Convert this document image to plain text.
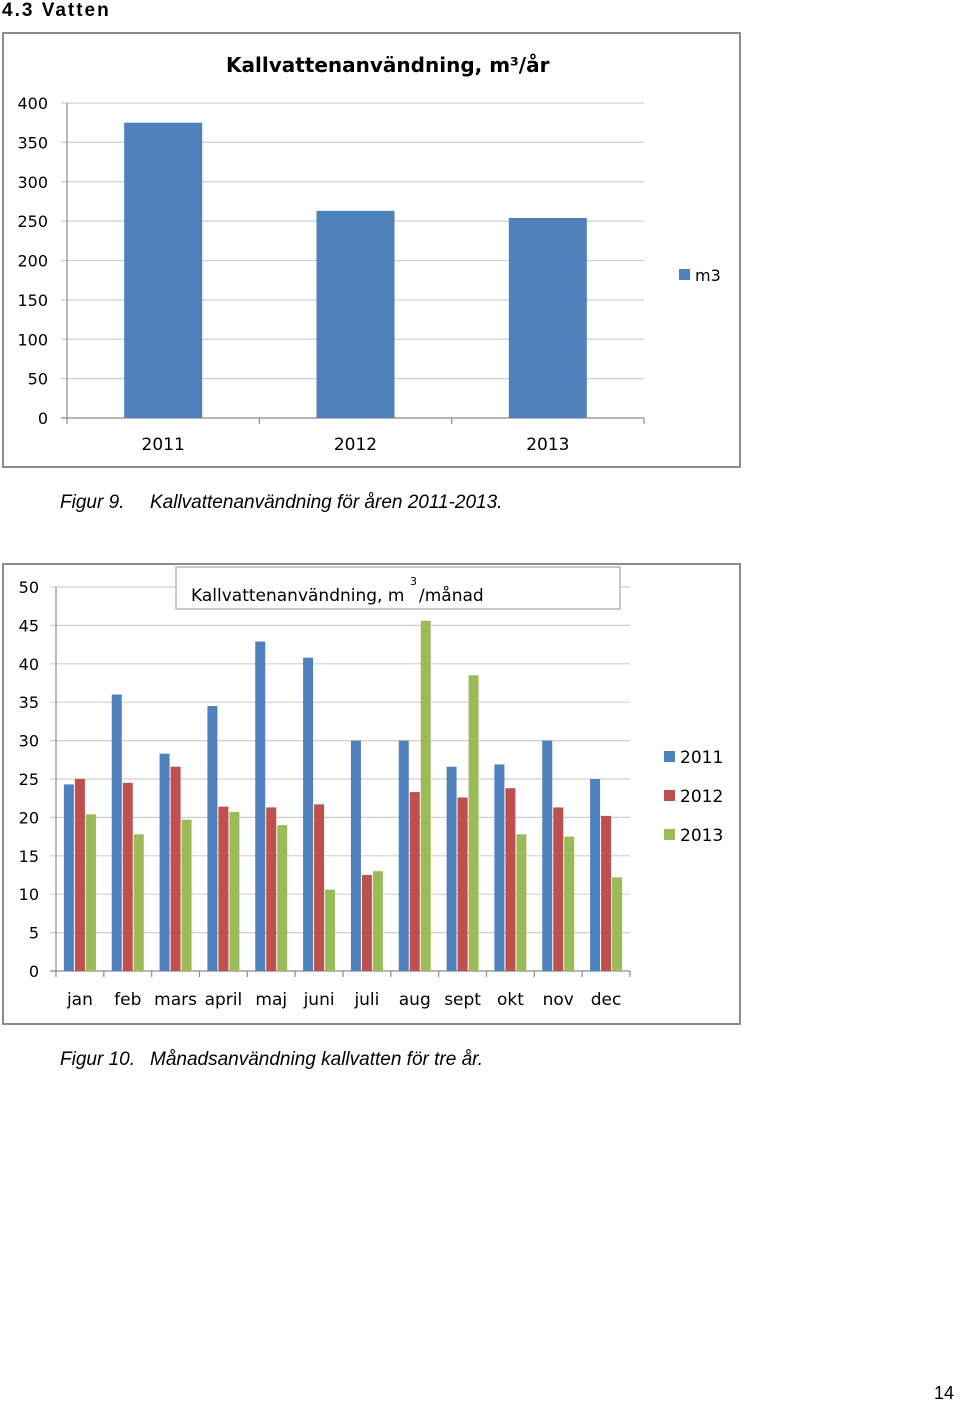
4.3 Vatten
Kallvattenanvändning, m³/år
0
50
100
150
200
250
300
350
400
2011	2012	2013
m3
Figur 9. Kallvattenanvändning för åren 2011-2013.
0
5
10
15
20
25
30
35
40
45
50
jan feb mars april maj juni juli aug sept okt nov dec
Kallvattenanvändning, m
3
/månad
2011
2012
2013
Figur 10. Månadsanvändning kallvatten för tre år.
14
